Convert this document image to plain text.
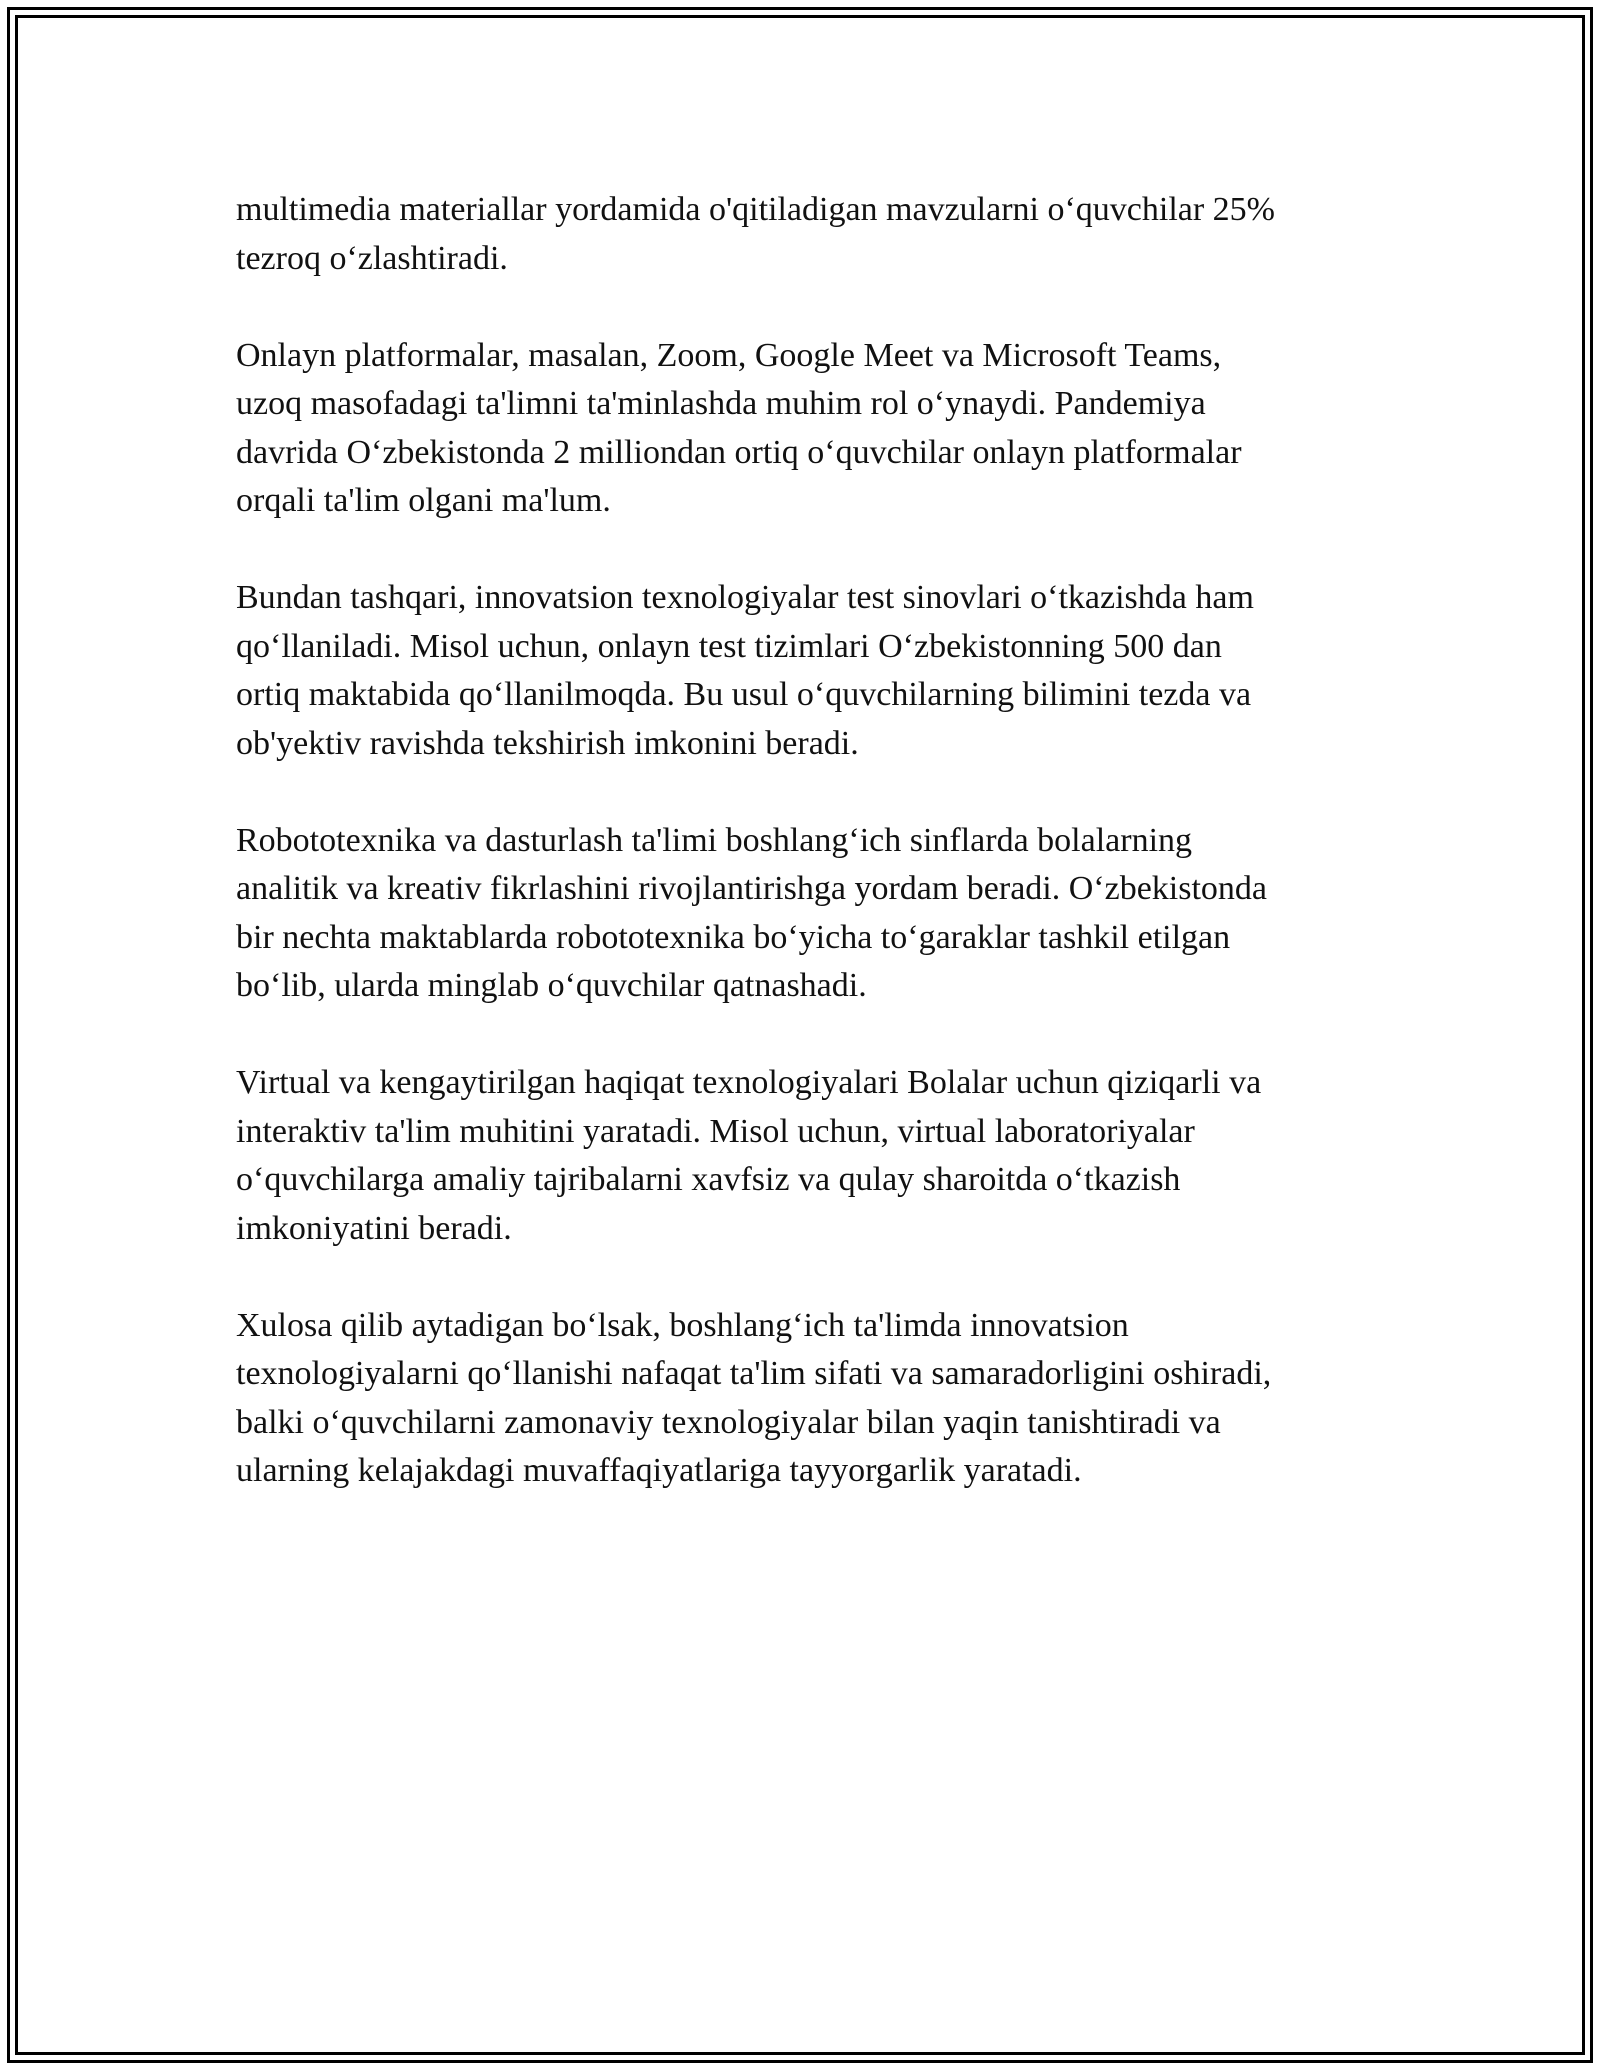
multimedia materiallar yordamida o'qitiladigan mavzularni o‘quvchilar 25%
tezroq o‘zlashtiradi.

Onlayn platformalar, masalan, Zoom, Google Meet va Microsoft Teams,
uzoq masofadagi ta'limni ta'minlashda muhim rol o‘ynaydi. Pandemiya
davrida O‘zbekistonda 2 milliondan ortiq o‘quvchilar onlayn platformalar
orqali ta'lim olgani ma'lum.

Bundan tashqari, innovatsion texnologiyalar test sinovlari o‘tkazishda ham
qo‘llaniladi. Misol uchun, onlayn test tizimlari O‘zbekistonning 500 dan
ortiq maktabida qo‘llanilmoqda. Bu usul o‘quvchilarning bilimini tezda va
ob'yektiv ravishda tekshirish imkonini beradi.

Robototexnika va dasturlash ta'limi boshlang‘ich sinflarda bolalarning
analitik va kreativ fikrlashini rivojlantirishga yordam beradi. O‘zbekistonda
bir nechta maktablarda robototexnika bo‘yicha to‘garaklar tashkil etilgan
bo‘lib, ularda minglab o‘quvchilar qatnashadi.

Virtual va kengaytirilgan haqiqat texnologiyalari Bolalar uchun qiziqarli va
interaktiv ta'lim muhitini yaratadi. Misol uchun, virtual laboratoriyalar
o‘quvchilarga amaliy tajribalarni xavfsiz va qulay sharoitda o‘tkazish
imkoniyatini beradi.

Xulosa qilib aytadigan bo‘lsak, boshlang‘ich ta'limda innovatsion
texnologiyalarni qo‘llanishi nafaqat ta'lim sifati va samaradorligini oshiradi,
balki o‘quvchilarni zamonaviy texnologiyalar bilan yaqin tanishtiradi va
ularning kelajakdagi muvaffaqiyatlariga tayyorgarlik yaratadi.
